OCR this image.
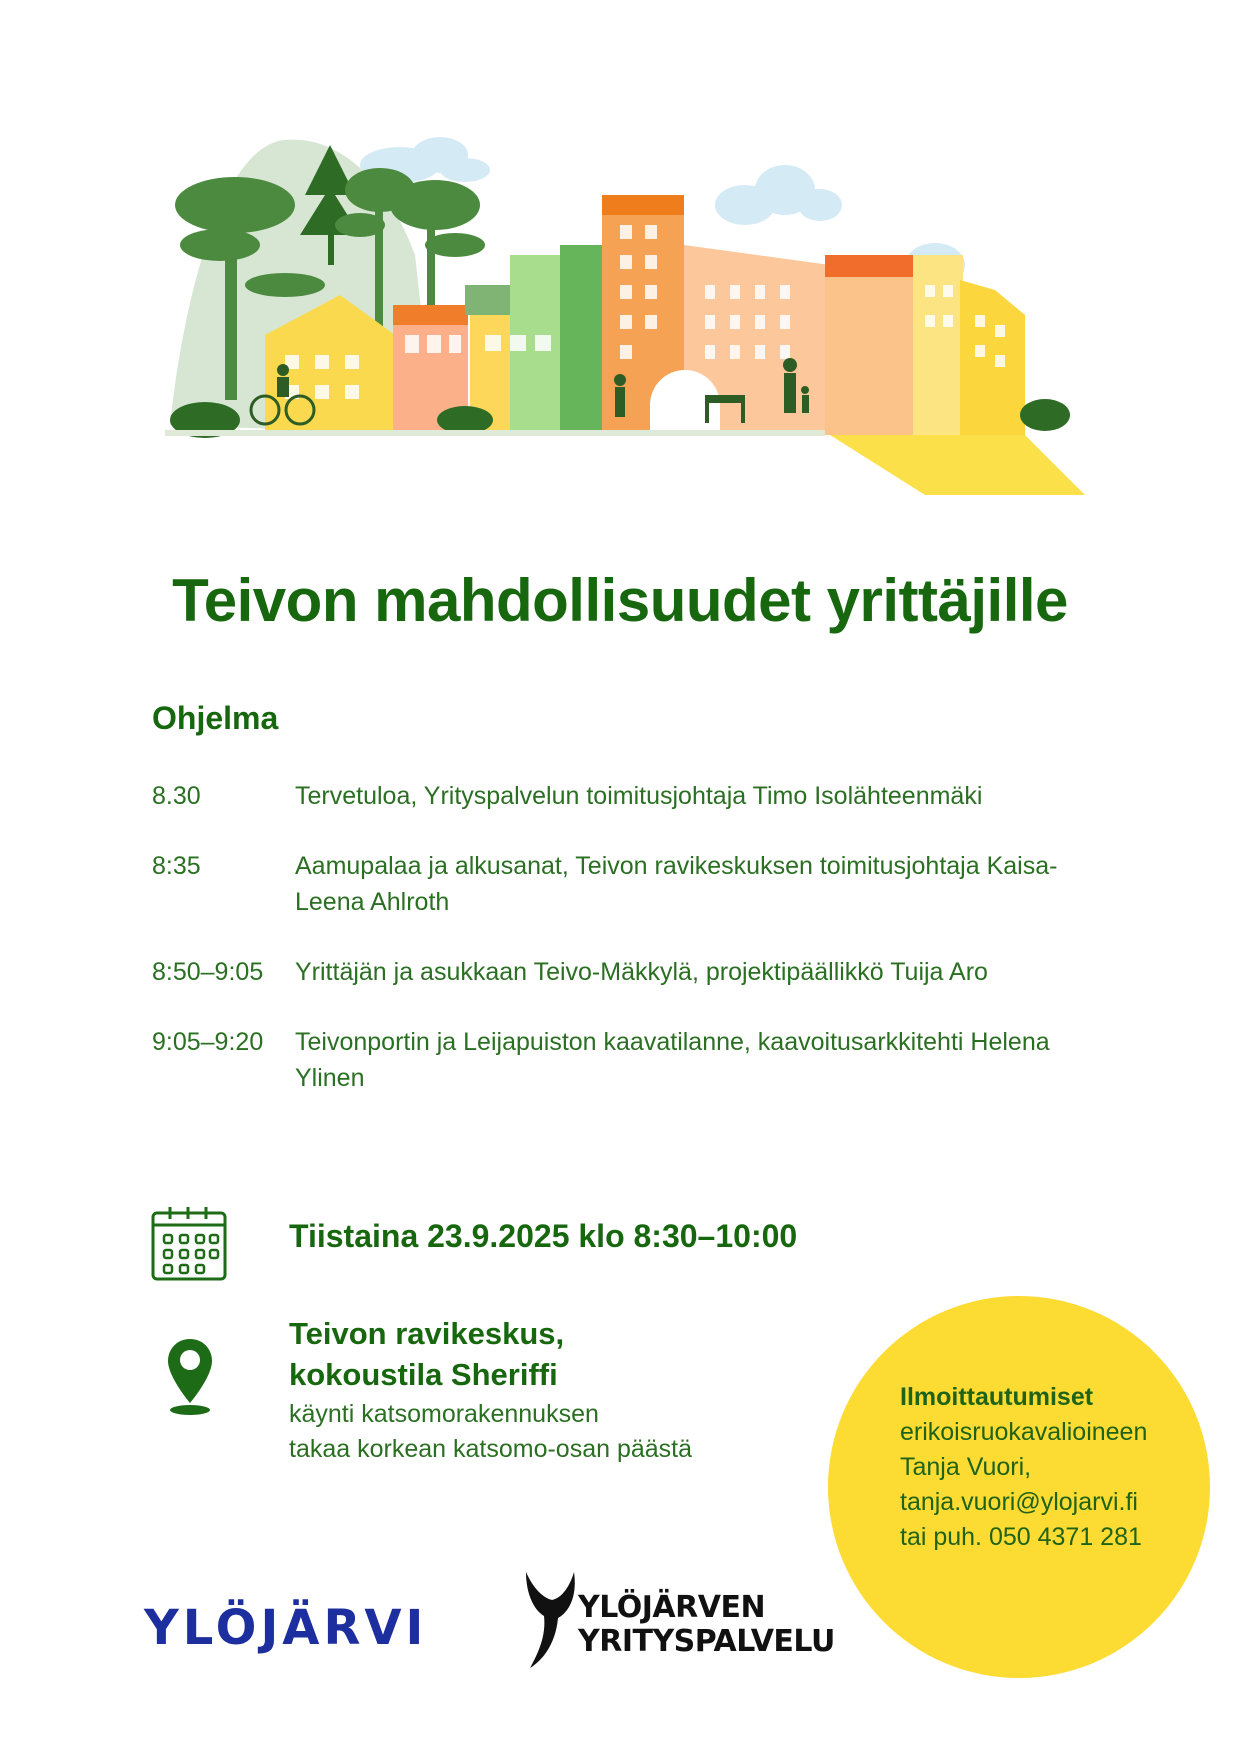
Teivon mahdollisuudet yrittäjille
Ohjelma
8.30	Tervetuloa, Yrityspalvelun toimitusjohtaja Timo Isolähteenmäki
8:35	Aamupalaa ja alkusanat, Teivon ravikeskuksen toimitusjohtaja Kaisa-Leena Ahlroth
8:50–9:05	Yrittäjän ja asukkaan Teivo-Mäkkylä, projektipäällikkö Tuija Aro
9:05–9:20	Teivonportin ja Leijapuiston kaavatilanne, kaavoitusarkkitehti Helena Ylinen
Tiistaina 23.9.2025 klo 8:30–10:00
Teivon ravikeskus,
kokoustila Sheriffi
käynti katsomorakennuksen
takaa korkean katsomo-osan päästä
Ilmoittautumiset
erikoisruokavalioineen
Tanja Vuori,
tanja.vuori@ylojarvi.fi
tai puh. 050 4371 281
YLÖJÄRVI	YLÖJÄRVEN
YRITYSPALVELU
